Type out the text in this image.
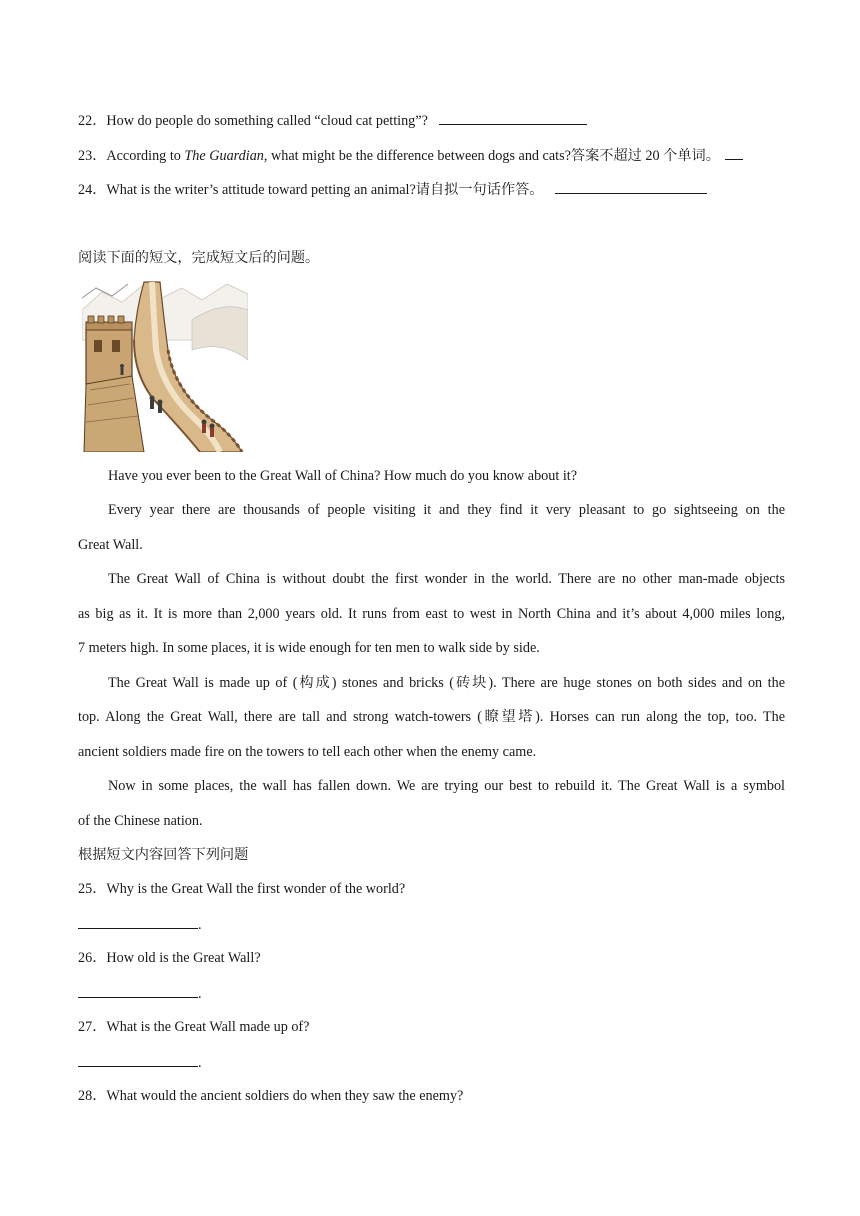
22．How do people do something called “cloud cat petting”?
23．According to The Guardian, what might be the difference between dogs and cats?答案不超过 20 个单词。
24．What is the writer’s attitude toward petting an animal?请自拟一句话作答。
阅读下面的短文，完成短文后的问题。
Have you ever been to the Great Wall of China? How much do you know about it?
Every year there are thousands of people visiting it and they find it very pleasant to go sightseeing on the
Great Wall.
The Great Wall of China is without doubt the first wonder in the world. There are no other man-made objects
as big as it. It is more than 2,000 years old. It runs from east to west in North China and it’s about 4,000 miles long,
7 meters high. In some places, it is wide enough for ten men to walk side by side.
The Great Wall is made up of (构成) stones and bricks (砖块). There are huge stones on both sides and on the
top. Along the Great Wall, there are tall and strong watch-towers (瞭望塔). Horses can run along the top, too. The
ancient soldiers made fire on the towers to tell each other when the enemy came.
Now in some places, the wall has fallen down. We are trying our best to rebuild it. The Great Wall is a symbol
of the Chinese nation.
根据短文内容回答下列问题
25．Why is the Great Wall the first wonder of the world?
.
26．How old is the Great Wall?
.
27．What is the Great Wall made up of?
.
28．What would the ancient soldiers do when they saw the enemy?
